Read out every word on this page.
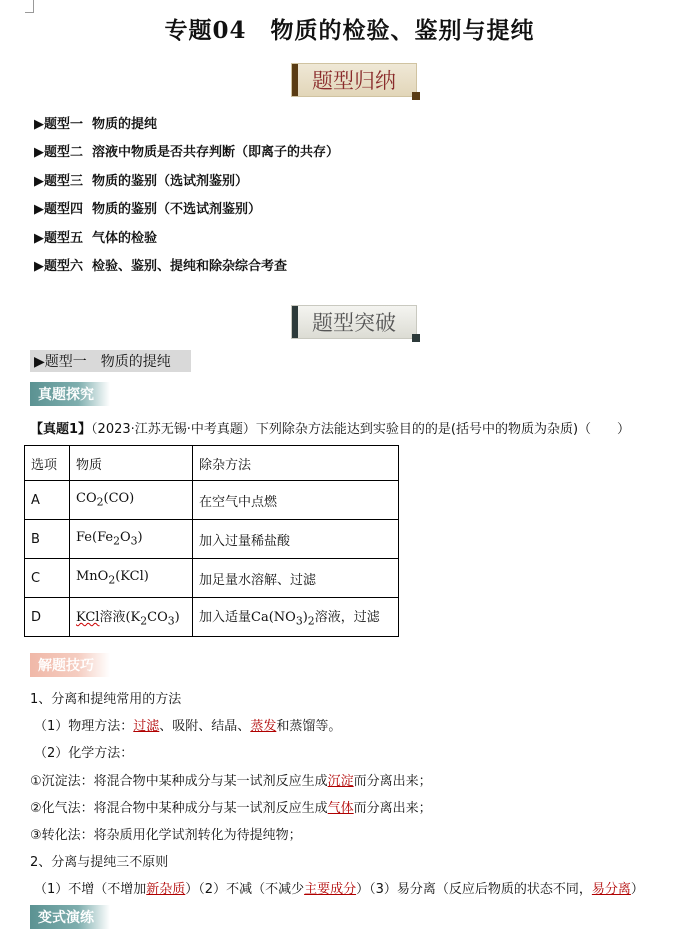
专题04　物质的检验、鉴别与提纯
题型归纳
▶题型一 物质的提纯
▶题型二 溶液中物质是否共存判断（即离子的共存）
▶题型三 物质的鉴别（选试剂鉴别）
▶题型四 物质的鉴别（不选试剂鉴别）
▶题型五 气体的检验
▶题型六 检验、鉴别、提纯和除杂综合考查
题型突破
▶题型一　物质的提纯
真题探究
【真题1】（2023·江苏无锡·中考真题）下列除杂方法能达到实验目的的是(括号中的物质为杂质)（　　）
选项	物质	除杂方法
A	$CO_2(CO)$	在空气中点燃
B	$Fe(Fe_2O_3)$	加入过量稀盐酸
C	MnO$_2$(KCl)	加足量水溶解、过滤
D	KCl溶液$(K_2CO_3)$	加入适量$Ca(NO_3)_2$溶液，过滤
解题技巧
1、分离和提纯常用的方法
（1）物理方法：过滤、吸附、结晶、蒸发和蒸馏等。
（2）化学方法：
①沉淀法：将混合物中某种成分与某一试剂反应生成沉淀而分离出来；
②化气法：将混合物中某种成分与某一试剂反应生成气体而分离出来；
③转化法：将杂质用化学试剂转化为待提纯物；
2、分离与提纯三不原则
（1）不增（不增加新杂质）（2）不减（不减少主要成分）（3）易分离（反应后物质的状态不同，易分离）
变式演练
